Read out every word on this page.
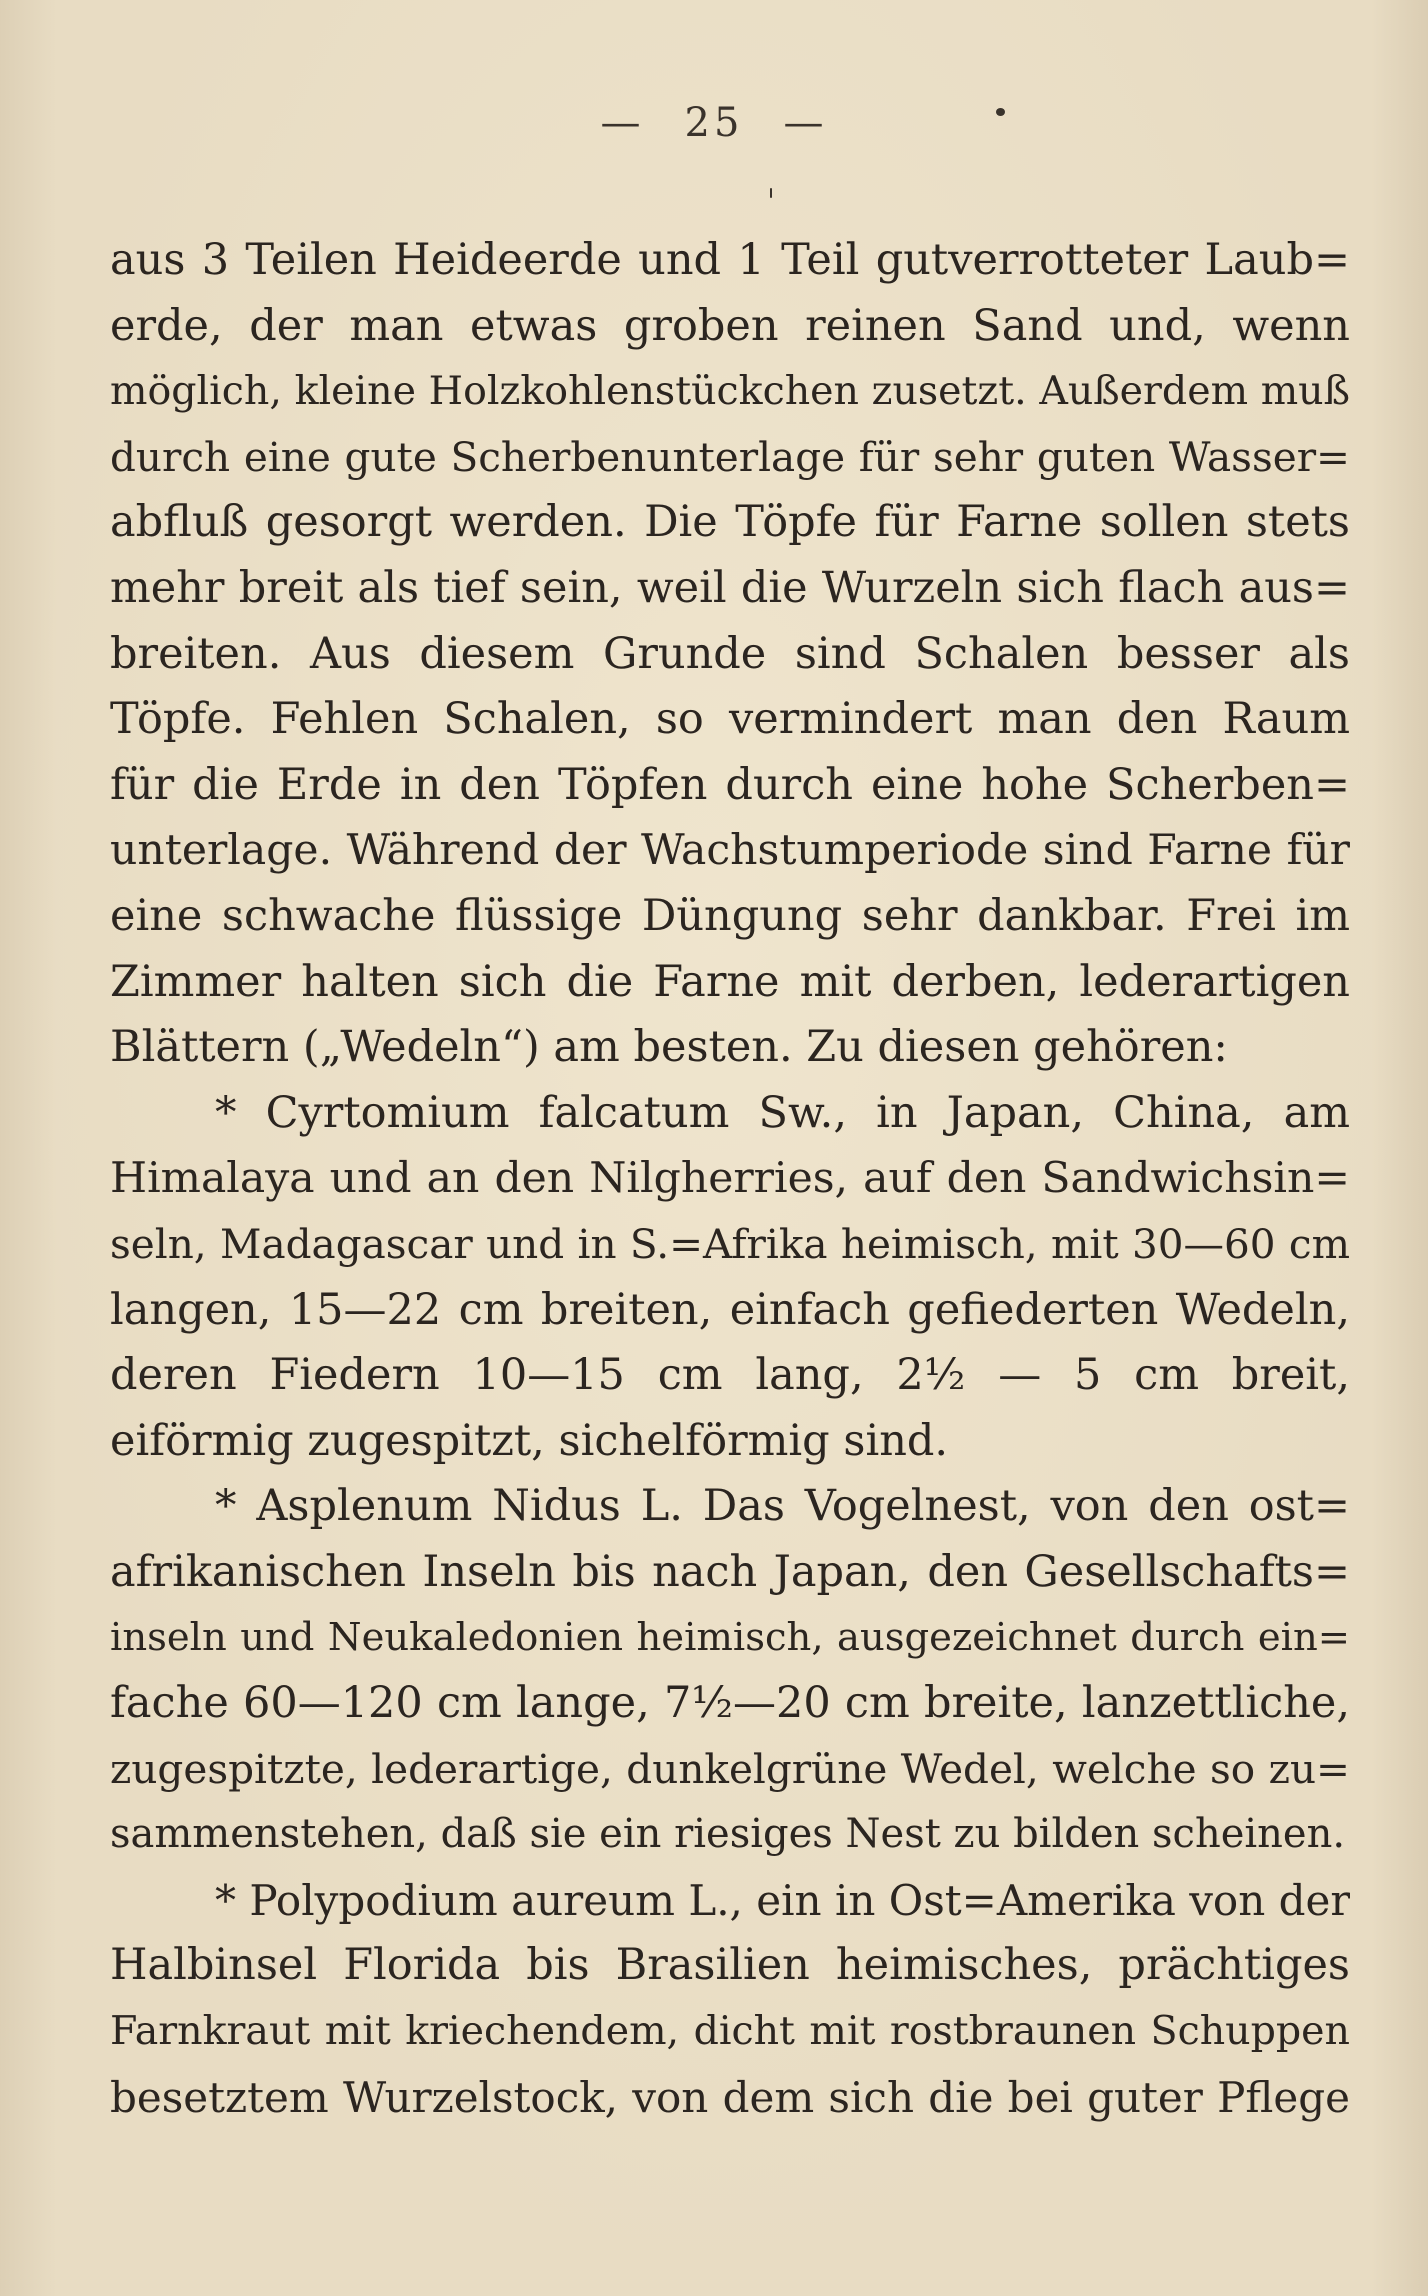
— 25 —
aus 3 Teilen Heideerde und 1 Teil gutverrotteter Laub=
erde, der man etwas groben reinen Sand und, wenn
möglich, kleine Holzkohlenstückchen zusetzt. Außerdem muß
durch eine gute Scherbenunterlage für sehr guten Wasser=
abfluß gesorgt werden. Die Töpfe für Farne sollen stets
mehr breit als tief sein, weil die Wurzeln sich flach aus=
breiten. Aus diesem Grunde sind Schalen besser als
Töpfe. Fehlen Schalen, so vermindert man den Raum
für die Erde in den Töpfen durch eine hohe Scherben=
unterlage. Während der Wachstumperiode sind Farne für
eine schwache flüssige Düngung sehr dankbar. Frei im
Zimmer halten sich die Farne mit derben, lederartigen
Blättern („Wedeln“) am besten. Zu diesen gehören:
* Cyrtomium falcatum Sw., in Japan, China, am
Himalaya und an den Nilgherries, auf den Sandwichsin=
seln, Madagascar und in S.=Afrika heimisch, mit 30—60 cm
langen, 15—22 cm breiten, einfach gefiederten Wedeln,
deren Fiedern 10—15 cm lang, 2½ — 5 cm breit,
eiförmig zugespitzt, sichelförmig sind.
* Asplenum Nidus L. Das Vogelnest, von den ost=
afrikanischen Inseln bis nach Japan, den Gesellschafts=
inseln und Neukaledonien heimisch, ausgezeichnet durch ein=
fache 60—120 cm lange, 7½—20 cm breite, lanzettliche,
zugespitzte, lederartige, dunkelgrüne Wedel, welche so zu=
sammenstehen, daß sie ein riesiges Nest zu bilden scheinen.
* Polypodium aureum L., ein in Ost=Amerika von der
Halbinsel Florida bis Brasilien heimisches, prächtiges
Farnkraut mit kriechendem, dicht mit rostbraunen Schuppen
besetztem Wurzelstock, von dem sich die bei guter Pflege
